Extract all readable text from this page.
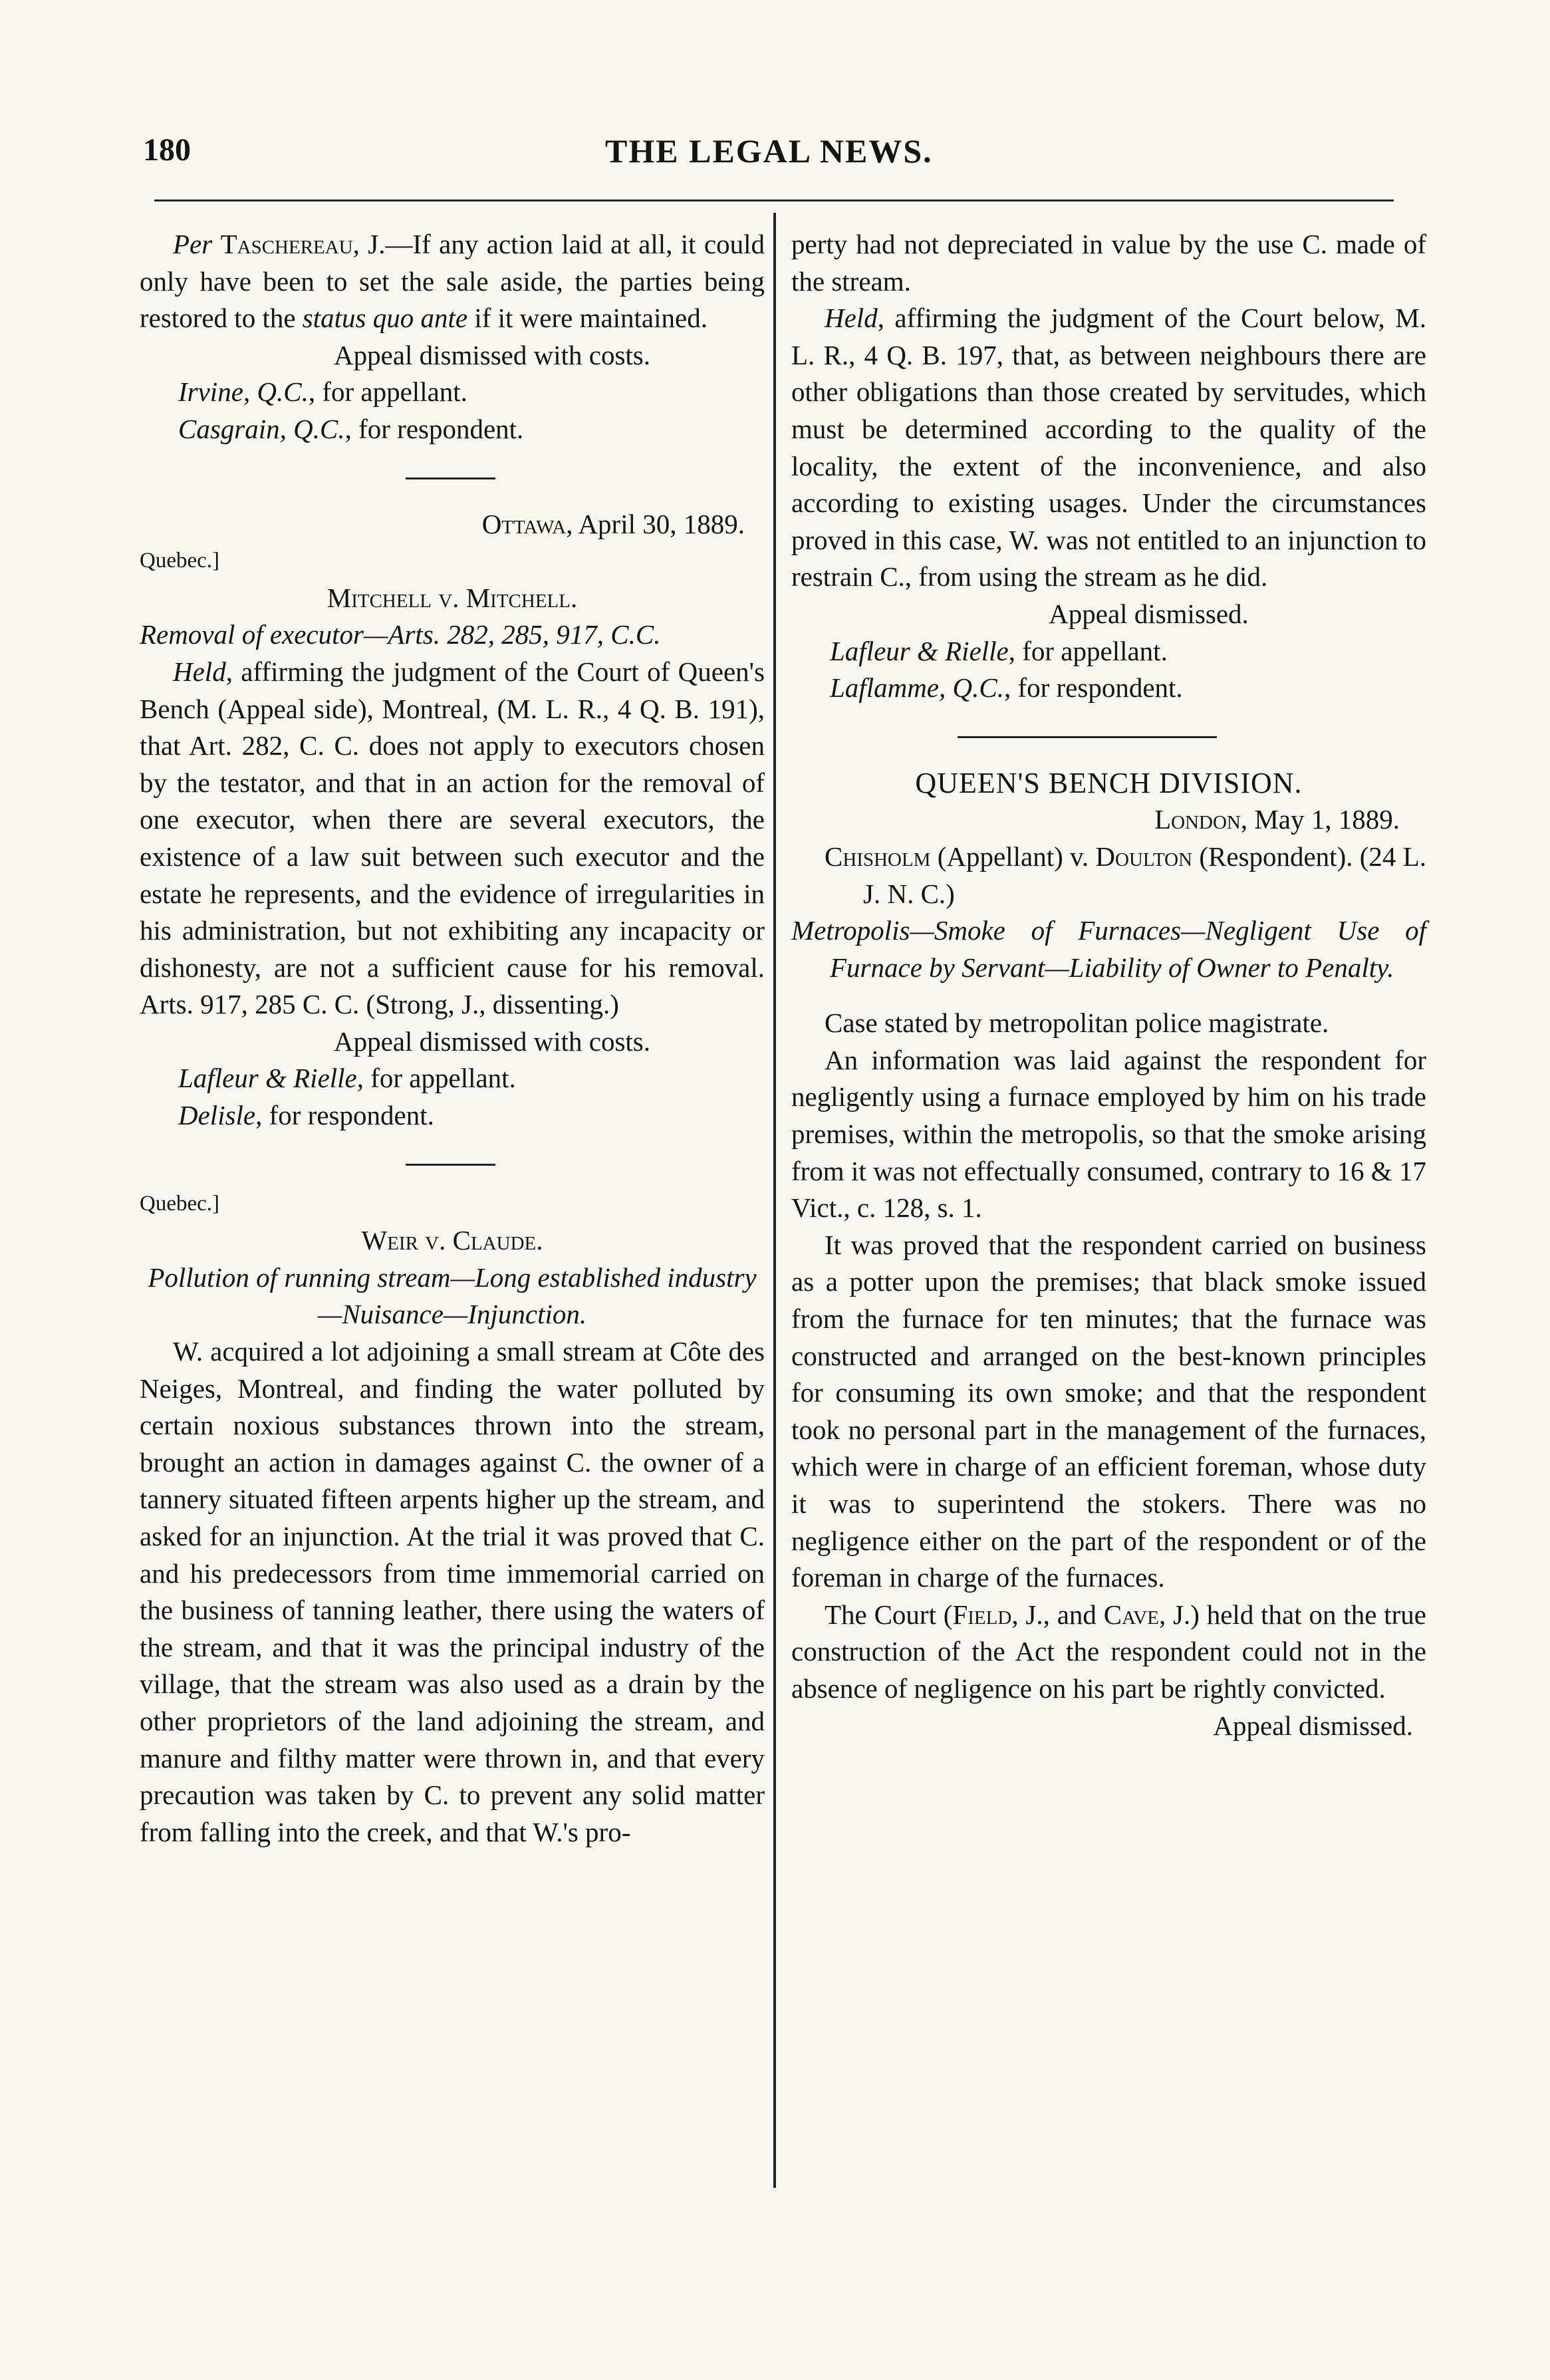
180	THE LEGAL NEWS.

Per Taschereau, J.—If any action laid at all, it could only have been to set the sale aside, the parties being restored to the status quo ante if it were maintained.

Appeal dismissed with costs.

Irvine, Q.C., for appellant.

Casgrain, Q.C., for respondent.

Ottawa, April 30, 1889.

Quebec.]

Mitchell v. Mitchell.

Removal of executor—Arts. 282, 285, 917, C.C.

Held, affirming the judgment of the Court of Queen's Bench (Appeal side), Montreal, (M. L. R., 4 Q. B. 191), that Art. 282, C. C. does not apply to executors chosen by the testator, and that in an action for the removal of one executor, when there are several executors, the existence of a law suit between such executor and the estate he represents, and the evidence of irregularities in his administration, but not exhibiting any incapacity or dishonesty, are not a sufficient cause for his removal. Arts. 917, 285 C. C. (Strong, J., dissenting.)

Appeal dismissed with costs.

Lafleur & Rielle, for appellant.

Delisle, for respondent.

Quebec.]

Weir v. Claude.

Pollution of running stream—Long established industry—Nuisance—Injunction.

W. acquired a lot adjoining a small stream at Côte des Neiges, Montreal, and finding the water polluted by certain noxious substances thrown into the stream, brought an action in damages against C. the owner of a tannery situated fifteen arpents higher up the stream, and asked for an injunction. At the trial it was proved that C. and his predecessors from time immemorial carried on the business of tanning leather, there using the waters of the stream, and that it was the principal industry of the village, that the stream was also used as a drain by the other proprietors of the land adjoining the stream, and manure and filthy matter were thrown in, and that every precaution was taken by C. to prevent any solid matter from falling into the creek, and that W.'s pro-

perty had not depreciated in value by the use C. made of the stream.

Held, affirming the judgment of the Court below, M. L. R., 4 Q. B. 197, that, as between neighbours there are other obligations than those created by servitudes, which must be determined according to the quality of the locality, the extent of the inconvenience, and also according to existing usages. Under the circumstances proved in this case, W. was not entitled to an injunction to restrain C., from using the stream as he did.

Appeal dismissed.

Lafleur & Rielle, for appellant.

Laflamme, Q.C., for respondent.

QUEEN'S BENCH DIVISION.

London, May 1, 1889.

Chisholm (Appellant) v. Doulton (Respondent). (24 L. J. N. C.)

Metropolis—Smoke of Furnaces—Negligent Use of Furnace by Servant—Liability of Owner to Penalty.

Case stated by metropolitan police magistrate.

An information was laid against the respondent for negligently using a furnace employed by him on his trade premises, within the metropolis, so that the smoke arising from it was not effectually consumed, contrary to 16 & 17 Vict., c. 128, s. 1.

It was proved that the respondent carried on business as a potter upon the premises; that black smoke issued from the furnace for ten minutes; that the furnace was constructed and arranged on the best-known principles for consuming its own smoke; and that the respondent took no personal part in the management of the furnaces, which were in charge of an efficient foreman, whose duty it was to superintend the stokers. There was no negligence either on the part of the respondent or of the foreman in charge of the furnaces.

The Court (Field, J., and Cave, J.) held that on the true construction of the Act the respondent could not in the absence of negligence on his part be rightly convicted.

Appeal dismissed.
